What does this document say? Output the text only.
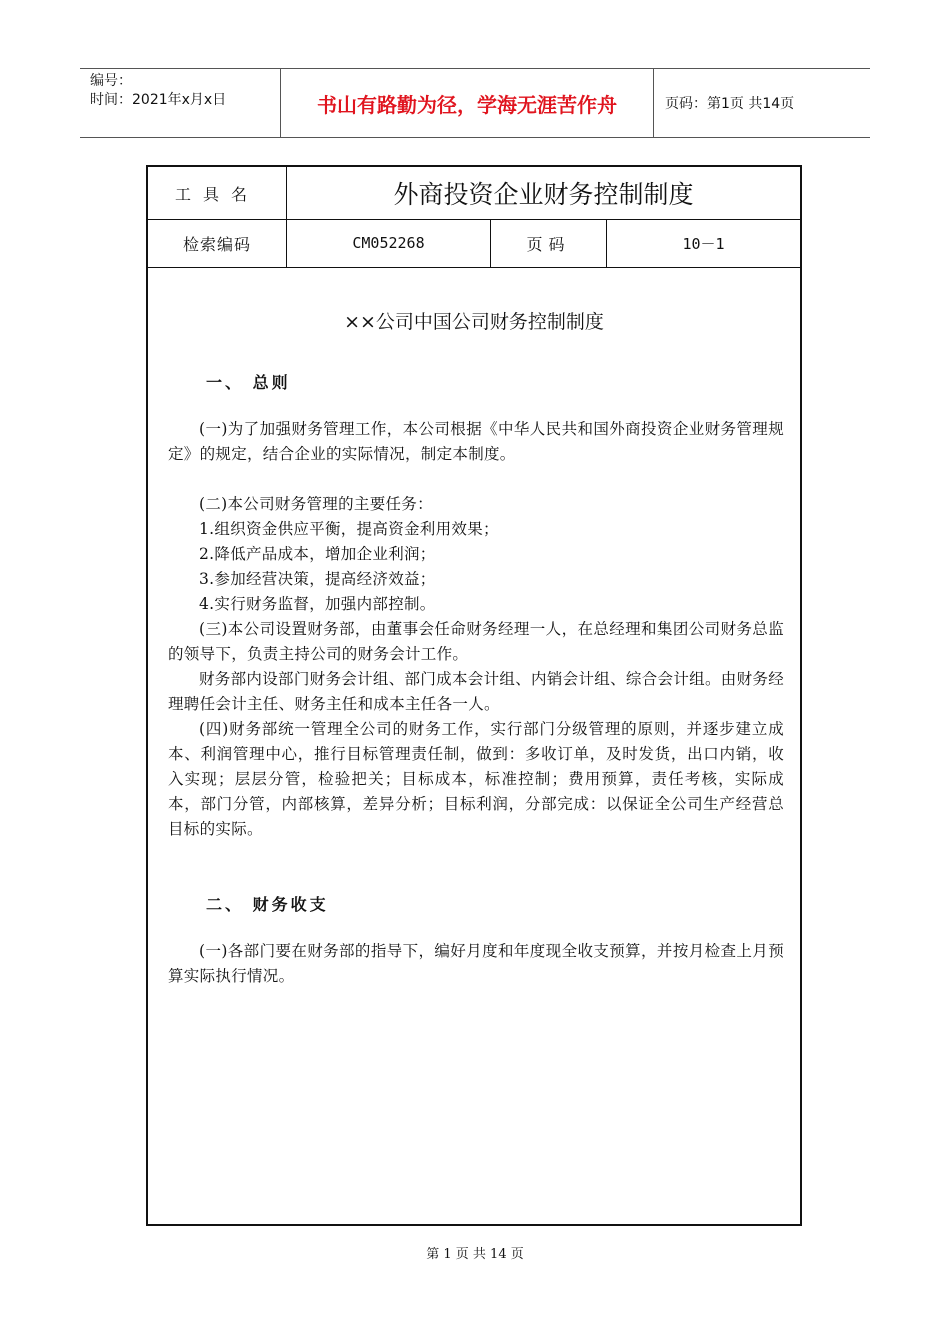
编号：
时间：2021年x月x日	书山有路勤为径，学海无涯苦作舟	页码：第1页 共14页
工具名	外商投资企业财务控制制度
检索编码	CM052268	页码	10－1
××公司中国公司财务控制制度
一、 总则

(一)为了加强财务管理工作，本公司根据《中华人民共和国外商投资企业财务管理规定》的规定，结合企业的实际情况，制定本制度。

(二)本公司财务管理的主要任务：

1.组织资金供应平衡，提高资金利用效果；

2.降低产品成本，增加企业利润；

3.参加经营决策，提高经济效益；

4.实行财务监督，加强内部控制。

(三)本公司设置财务部，由董事会任命财务经理一人，在总经理和集团公司财务总监的领导下，负责主持公司的财务会计工作。

财务部内设部门财务会计组、部门成本会计组、内销会计组、综合会计组。由财务经理聘任会计主任、财务主任和成本主任各一人。

(四)财务部统一管理全公司的财务工作，实行部门分级管理的原则，并逐步建立成本、利润管理中心，推行目标管理责任制，做到：多收订单，及时发货，出口内销，收入实现；层层分管，检验把关；目标成本，标准控制；费用预算，责任考核，实际成本，部门分管，内部核算，差异分析；目标利润，分部完成：以保证全公司生产经营总目标的实际。

二、 财务收支

(一)各部门要在财务部的指导下，编好月度和年度现全收支预算，并按月检查上月预算实际执行情况。

第 1 页 共 14 页
